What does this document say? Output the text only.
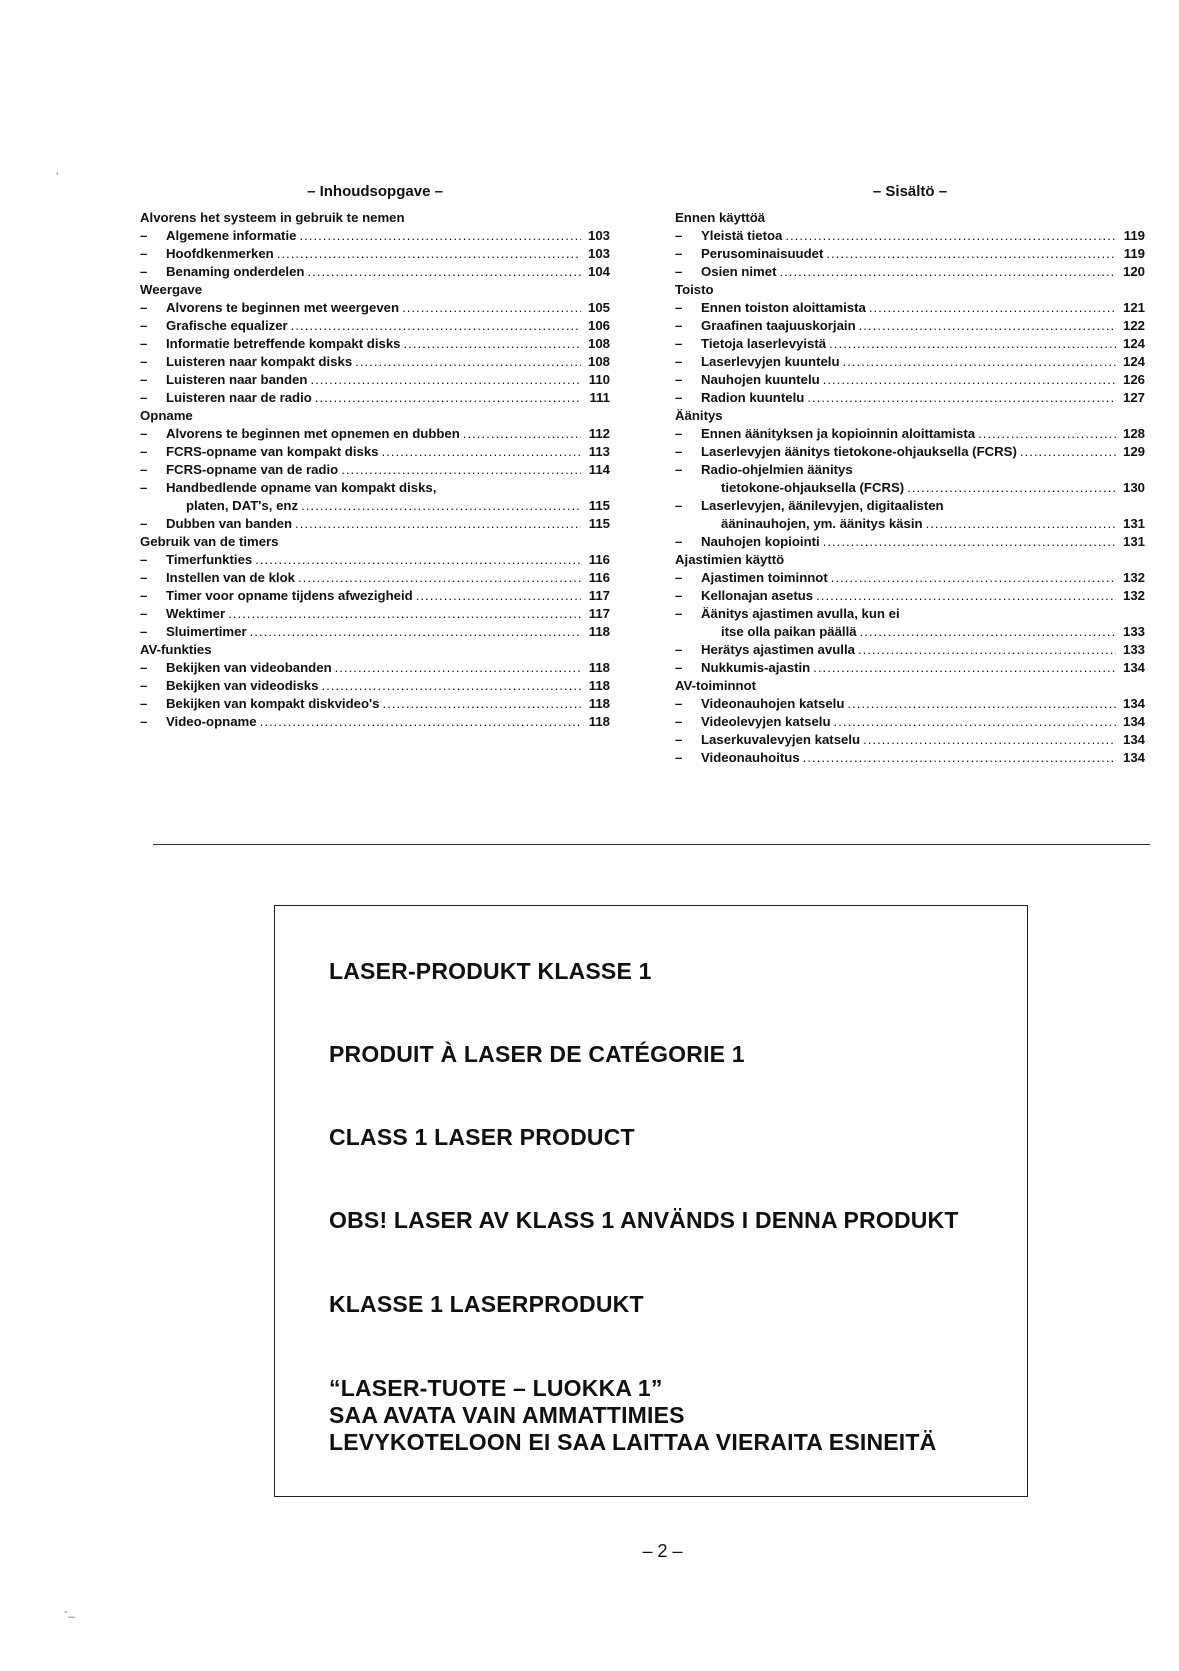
– Inhoudsopgave –
Alvorens het systeem in gebruik te nemen
–	Algemene informatie .....	103
–	Hoofdkenmerken .....	103
–	Benaming onderdelen .....	104
Weergave
–	Alvorens te beginnen met weergeven .....	105
–	Grafische equalizer .....	106
–	Informatie betreffende kompakt disks .....	108
–	Luisteren naar kompakt disks .....	108
–	Luisteren naar banden .....	110
–	Luisteren naar de radio .....	111
Opname
–	Alvorens te beginnen met opnemen en dubben .....	112
–	FCRS-opname van kompakt disks .....	113
–	FCRS-opname van de radio .....	114
–	Handbedlende opname van kompakt disks,
platen, DAT's, enz .....	115
–	Dubben van banden .....	115
Gebruik van de timers
–	Timerfunkties .....	116
–	Instellen van de klok .....	116
–	Timer voor opname tijdens afwezigheid .....	117
–	Wektimer .....	117
–	Sluimertimer .....	118
AV-funkties
–	Bekijken van videobanden .....	118
–	Bekijken van videodisks .....	118
–	Bekijken van kompakt diskvideo's .....	118
–	Video-opname .....	118
– Sisältö –
Ennen käyttöä
–	Yleistä tietoa .....	119
–	Perusominaisuudet .....	119
–	Osien nimet .....	120
Toisto
–	Ennen toiston aloittamista .....	121
–	Graafinen taajuuskorjain .....	122
–	Tietoja laserlevyistä .....	124
–	Laserlevyjen kuuntelu .....	124
–	Nauhojen kuuntelu .....	126
–	Radion kuuntelu .....	127
Äänitys
–	Ennen äänityksen ja kopioinnin aloittamista .....	128
–	Laserlevyjen äänitys tietokone-ohjauksella (FCRS) .....	129
–	Radio-ohjelmien äänitys
tietokone-ohjauksella (FCRS) .....	130
–	Laserlevyjen, äänilevyjen, digitaalisten
ääninauhojen, ym. äänitys käsin .....	131
–	Nauhojen kopiointi .....	131
Ajastimien käyttö
–	Ajastimen toiminnot .....	132
–	Kellonajan asetus .....	132
–	Äänitys ajastimen avulla, kun ei
itse olla paikan päällä .....	133
–	Herätys ajastimen avulla .....	133
–	Nukkumis-ajastin .....	134
AV-toiminnot
–	Videonauhojen katselu .....	134
–	Videolevyjen katselu .....	134
–	Laserkuvalevyjen katselu .....	134
–	Videonauhoitus .....	134
LASER-PRODUKT KLASSE 1
PRODUIT À LASER DE CATÉGORIE 1
CLASS 1 LASER PRODUCT
OBS! LASER AV KLASS 1 ANVÄNDS I DENNA PRODUKT
KLASSE 1 LASERPRODUKT
“LASER-TUOTE – LUOKKA 1”
SAA AVATA VAIN AMMATTIMIES
LEVYKOTELOON EI SAA LAITTAA VIERAITA ESINEITÄ
– 2 –
'
-_
